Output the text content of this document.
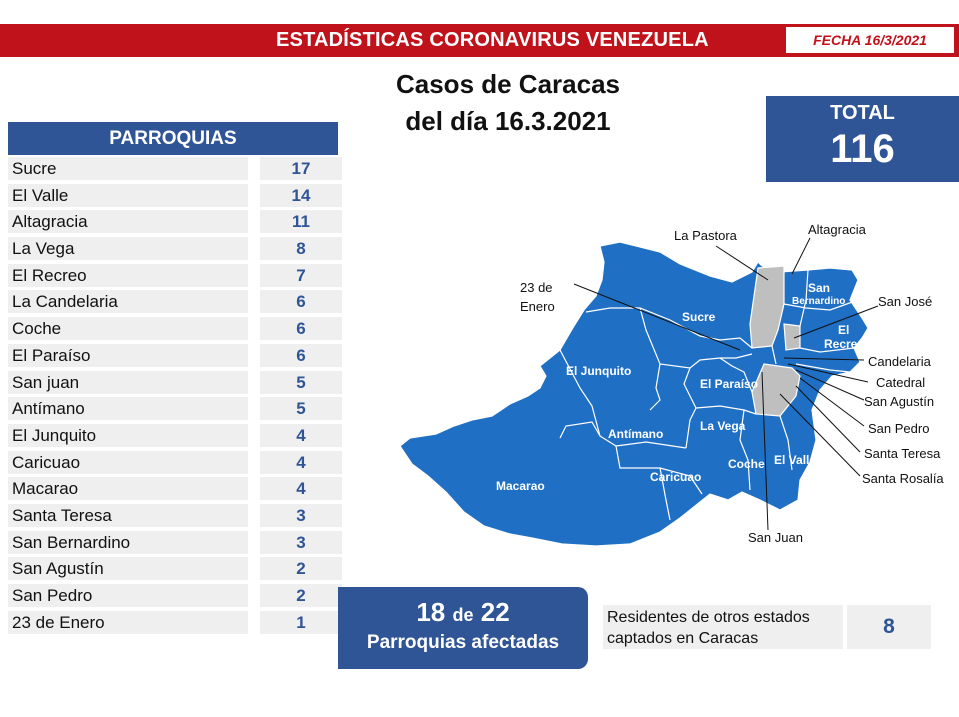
ESTADÍSTICAS CORONAVIRUS VENEZUELA	FECHA 16/3/2021
Casos de Caracas
del día 16.3.2021	TOTAL
116
PARROQUIAS
Sucre	17
El Valle	14
Altagracia	11
La Vega	8
El Recreo	7
La Candelaria	6
Coche	6
El Paraíso	6
San juan	5
Antímano	5
El Junquito	4
Caricuao	4
Macarao	4
Santa Teresa	3
San Bernardino	3
San Agustín	2
San Pedro	2
23 de Enero	1
Sucre
El Junquito
El Paraíso
La Vega
Antímano
Caricuao
Coche El Valle
Macarao
San
Bernardino
El
Recreo
La Pastora	Altagracia
23 de
Enero	San José
Candelaria
Catedral
San Agustín
San Pedro
Santa Teresa
Santa Rosalía
San Juan
18 de 22
Parroquias afectadas
Residentes de otros estados captados en Caracas
8
